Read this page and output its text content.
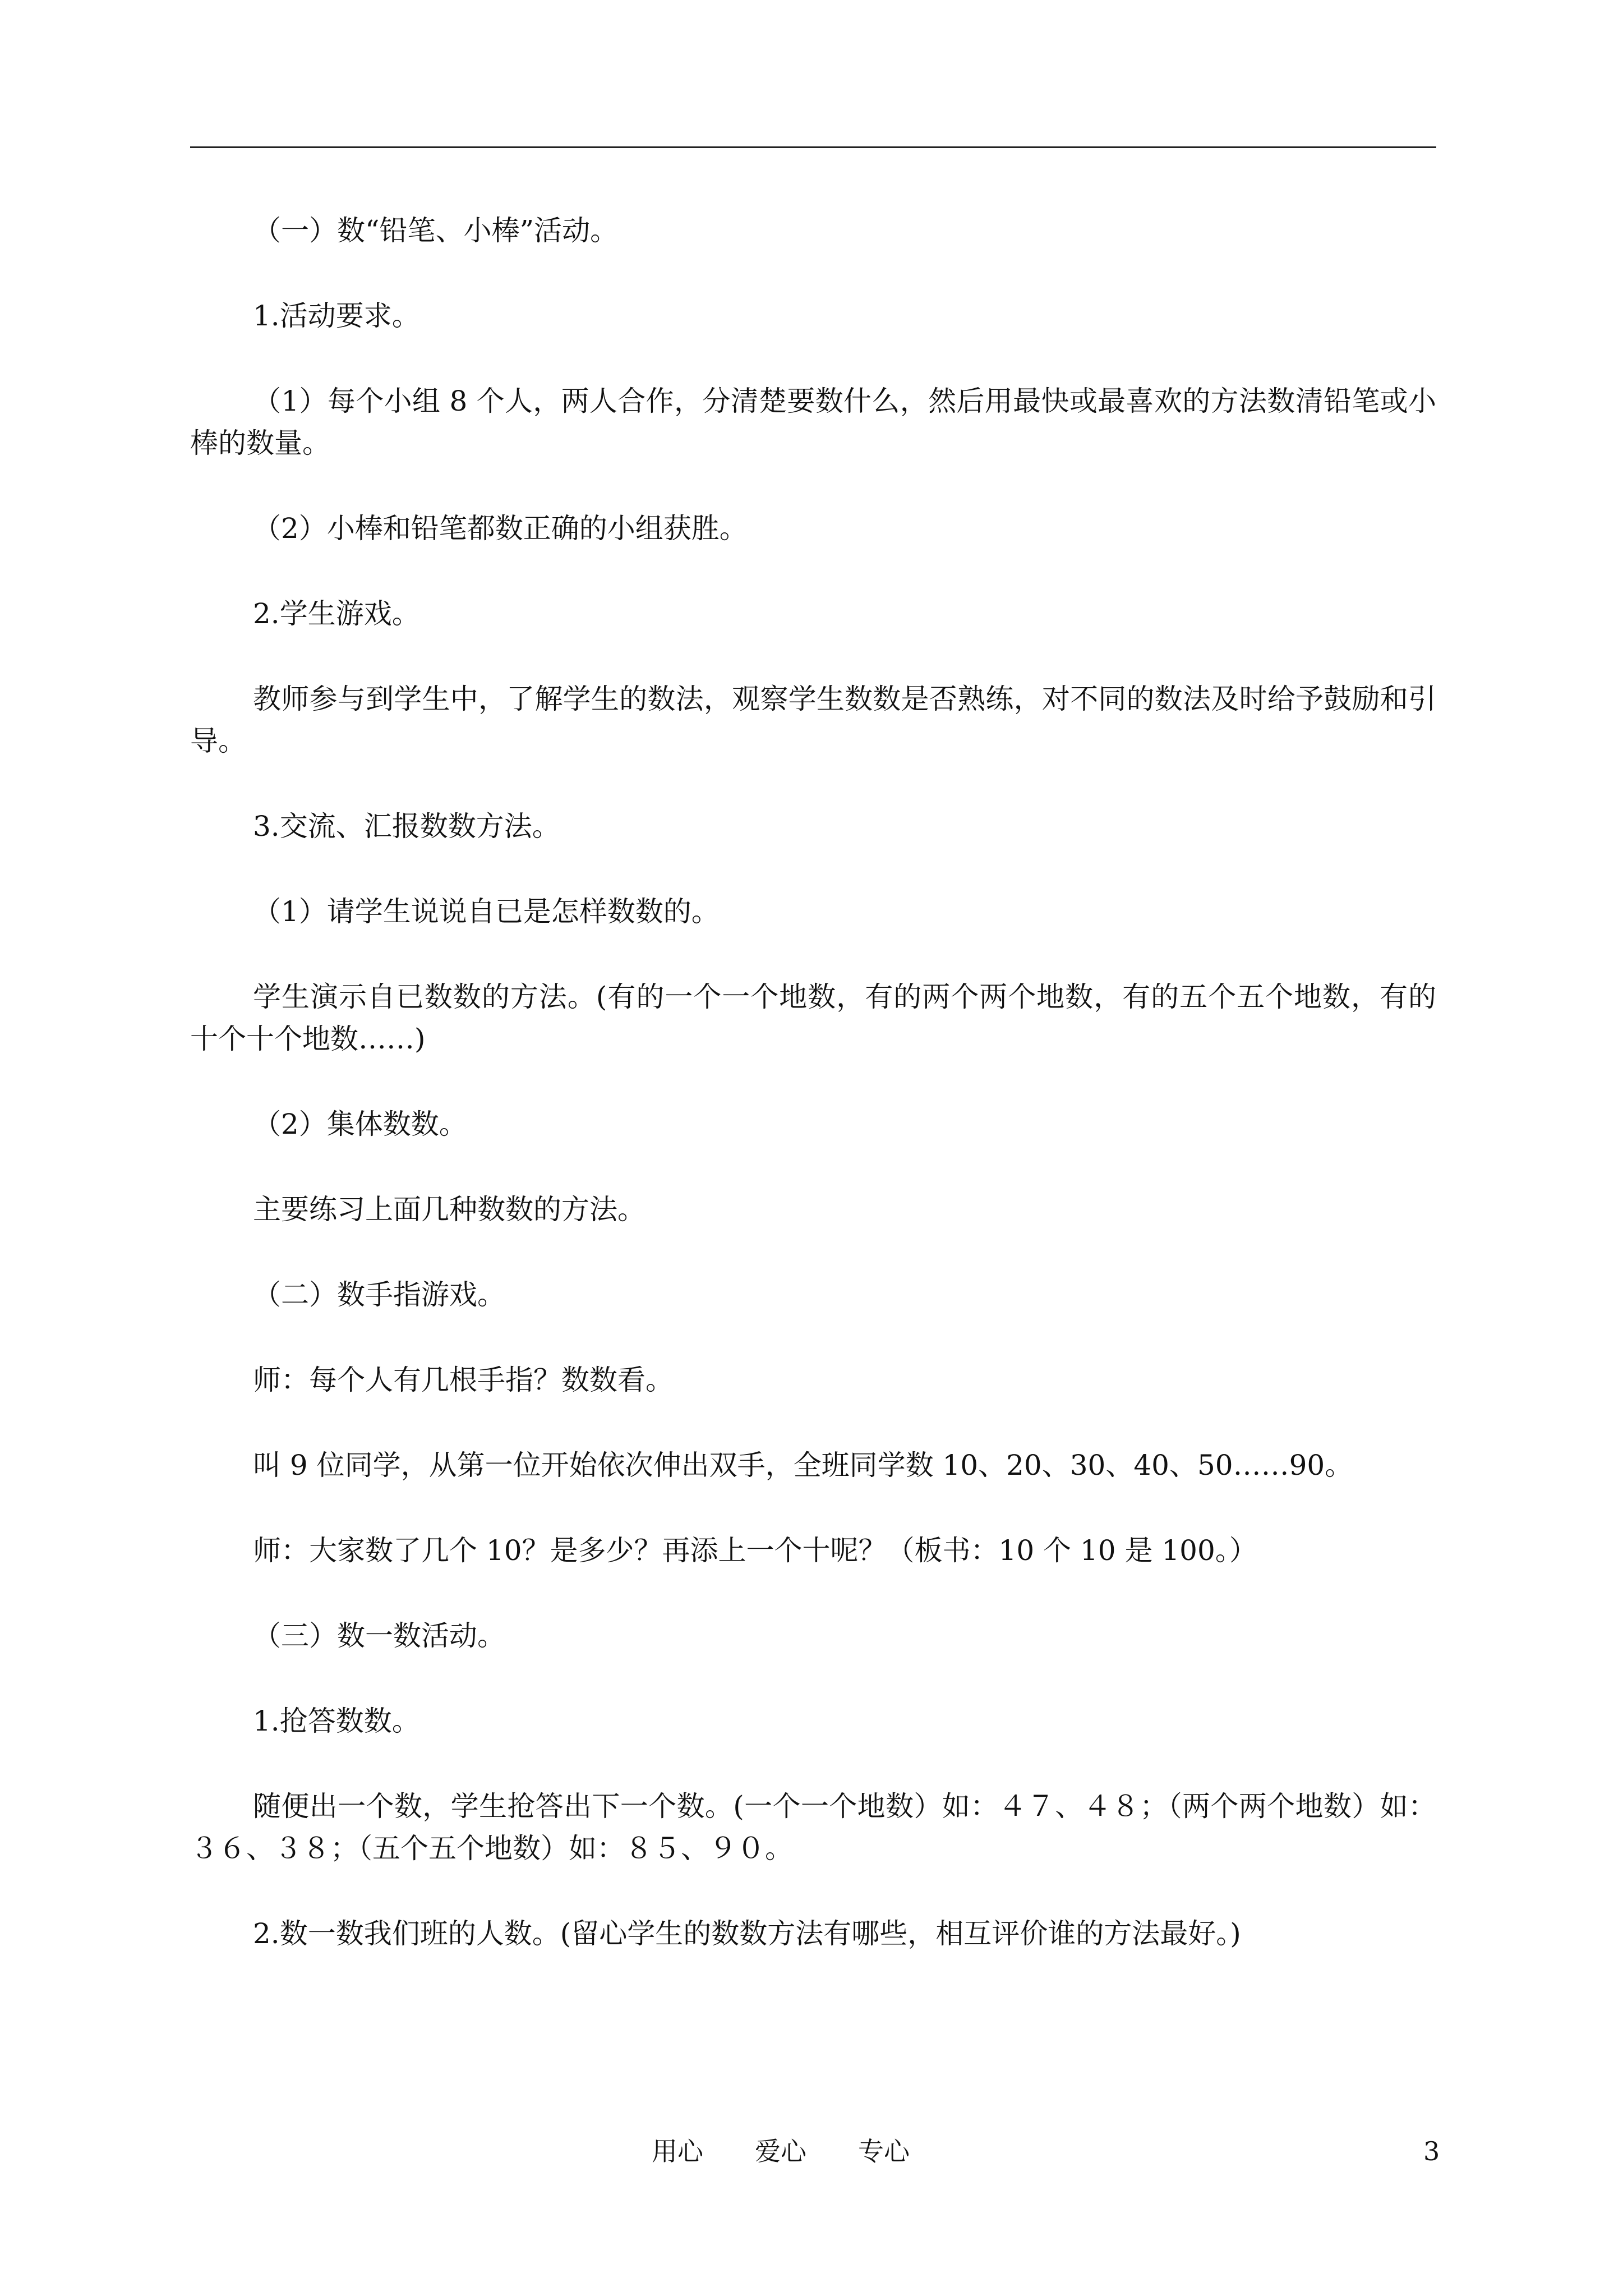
（一）数“铅笔、小棒”活动。

1.活动要求。

（1）每个小组 8 个人，两人合作，分清楚要数什么，然后用最快或最喜欢的方法数清铅笔或小棒的数量。

（2）小棒和铅笔都数正确的小组获胜。

2.学生游戏。

教师参与到学生中，了解学生的数法，观察学生数数是否熟练，对不同的数法及时给予鼓励和引导。

3.交流、汇报数数方法。

（1）请学生说说自已是怎样数数的。

学生演示自已数数的方法。(有的一个一个地数，有的两个两个地数，有的五个五个地数，有的十个十个地数……)

（2）集体数数。

主要练习上面几种数数的方法。

（二）数手指游戏。

师：每个人有几根手指？数数看。

叫 9 位同学，从第一位开始依次伸出双手，全班同学数 10、20、30、40、50……90。

师：大家数了几个 10？是多少？再添上一个十呢？（板书：10 个 10 是 100。）

（三）数一数活动。

1.抢答数数。

随便出一个数，学生抢答出下一个数。(一个一个地数）如：４７、４８；（两个两个地数）如：３６、３８；（五个五个地数）如：８５、９０。

2.数一数我们班的人数。(留心学生的数数方法有哪些，相互评价谁的方法最好。)

用心　　爱心　　专心	3
